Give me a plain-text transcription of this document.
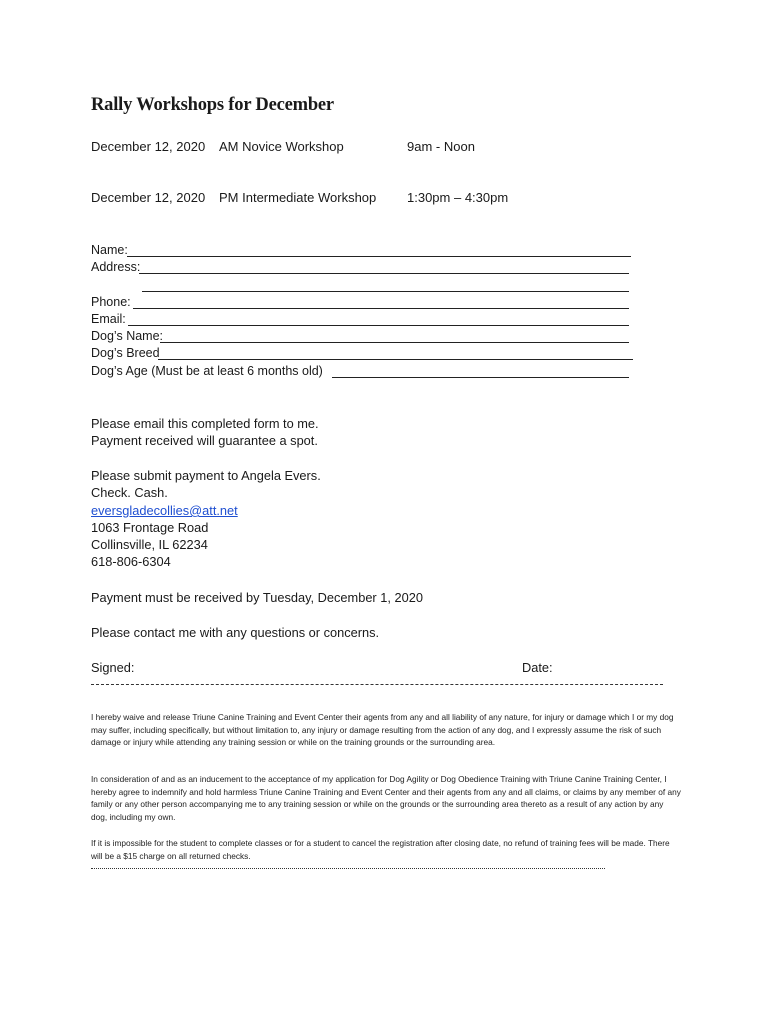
Rally Workshops for December
December 12, 2020 AM Novice Workshop	9am - Noon
December 12, 2020 PM Intermediate Workshop 1:30pm – 4:30pm
Name:
Address:
Phone:
Email:
Dog’s Name:
Dog’s Breed
Dog’s Age (Must be at least 6 months old)
Please email this completed form to me.
Payment received will guarantee a spot.
Please submit payment to Angela Evers.
Check. Cash.
eversgladecollies@att.net
1063 Frontage Road
Collinsville, IL 62234
618-806-6304
Payment must be received by Tuesday, December 1, 2020
Please contact me with any questions or concerns.
Signed:	Date:
I hereby waive and release Triune Canine Training and Event Center their agents from any and all liability of any nature, for injury or damage which I or my dog may suffer, including specifically, but without limitation to, any injury or damage resulting from the action of any dog, and I expressly assume the risk of such damage or injury while attending any training session or while on the training grounds or the surrounding area.
In consideration of and as an inducement to the acceptance of my application for Dog Agility or Dog Obedience Training with Triune Canine Training Center, I hereby agree to indemnify and hold harmless Triune Canine Training and Event Center and their agents from any and all claims, or claims by any member of any family or any other person accompanying me to any training session or while on the grounds or the surrounding area thereto as a result of any action by any dog, including my own.
If it is impossible for the student to complete classes or for a student to cancel the registration after closing date, no refund of training fees will be made. There will be a $15 charge on all returned checks.
